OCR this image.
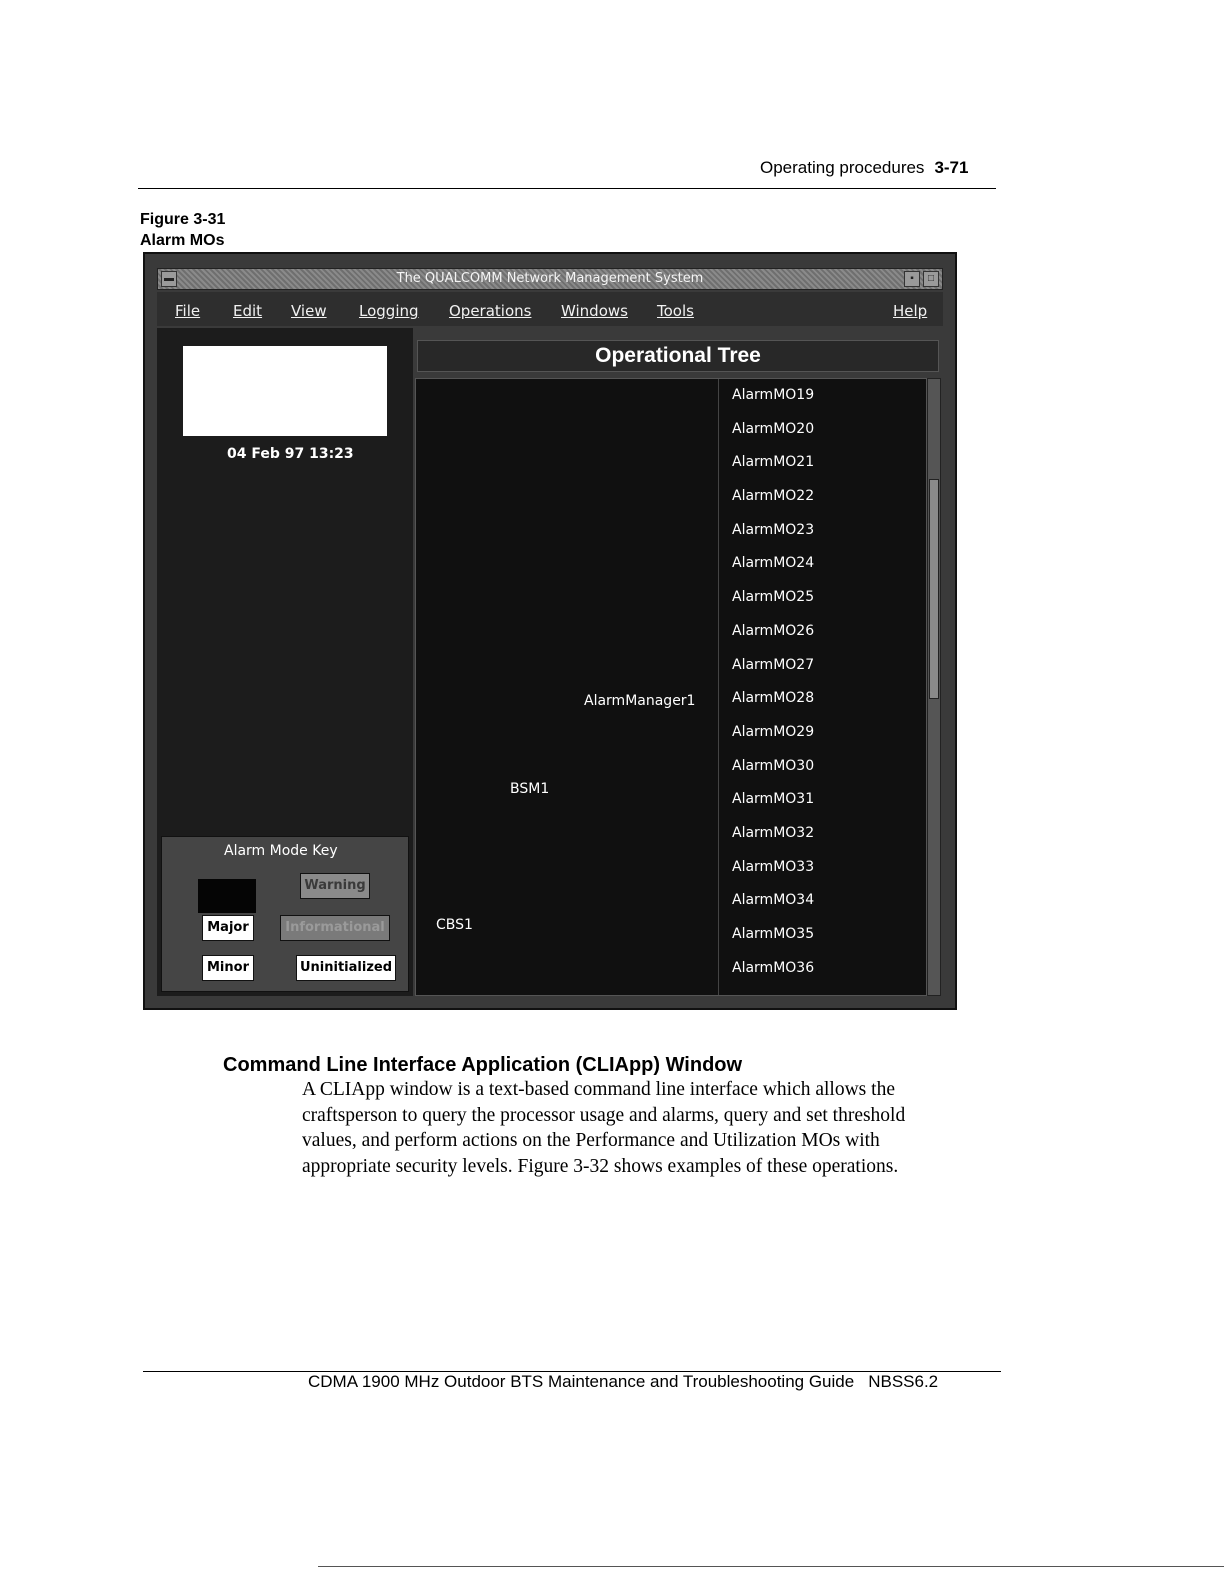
Operating procedures 3-71
Figure 3-31
Alarm MOs
▬	The QUALCOMM Network Management System	▪	□
File Edit View Logging Operations Windows Tools	Help
04 Feb 97 13:23
Alarm Mode Key
Warning
Major	Informational
Minor	Uninitialized
Operational Tree
CBS1
BSM1
AlarmManager1
AlarmMO19
AlarmMO20
AlarmMO21
AlarmMO22
AlarmMO23
AlarmMO24
AlarmMO25
AlarmMO26
AlarmMO27
AlarmMO28
AlarmMO29
AlarmMO30
AlarmMO31
AlarmMO32
AlarmMO33
AlarmMO34
AlarmMO35
AlarmMO36
Command Line Interface Application (CLIApp) Window
A CLIApp window is a text-based command line interface which allows the
craftsperson to query the processor usage and alarms, query and set threshold
values, and perform actions on the Performance and Utilization MOs with
appropriate security levels. Figure 3-32 shows examples of these operations.
CDMA 1900 MHz Outdoor BTS Maintenance and Troubleshooting Guide NBSS6.2
